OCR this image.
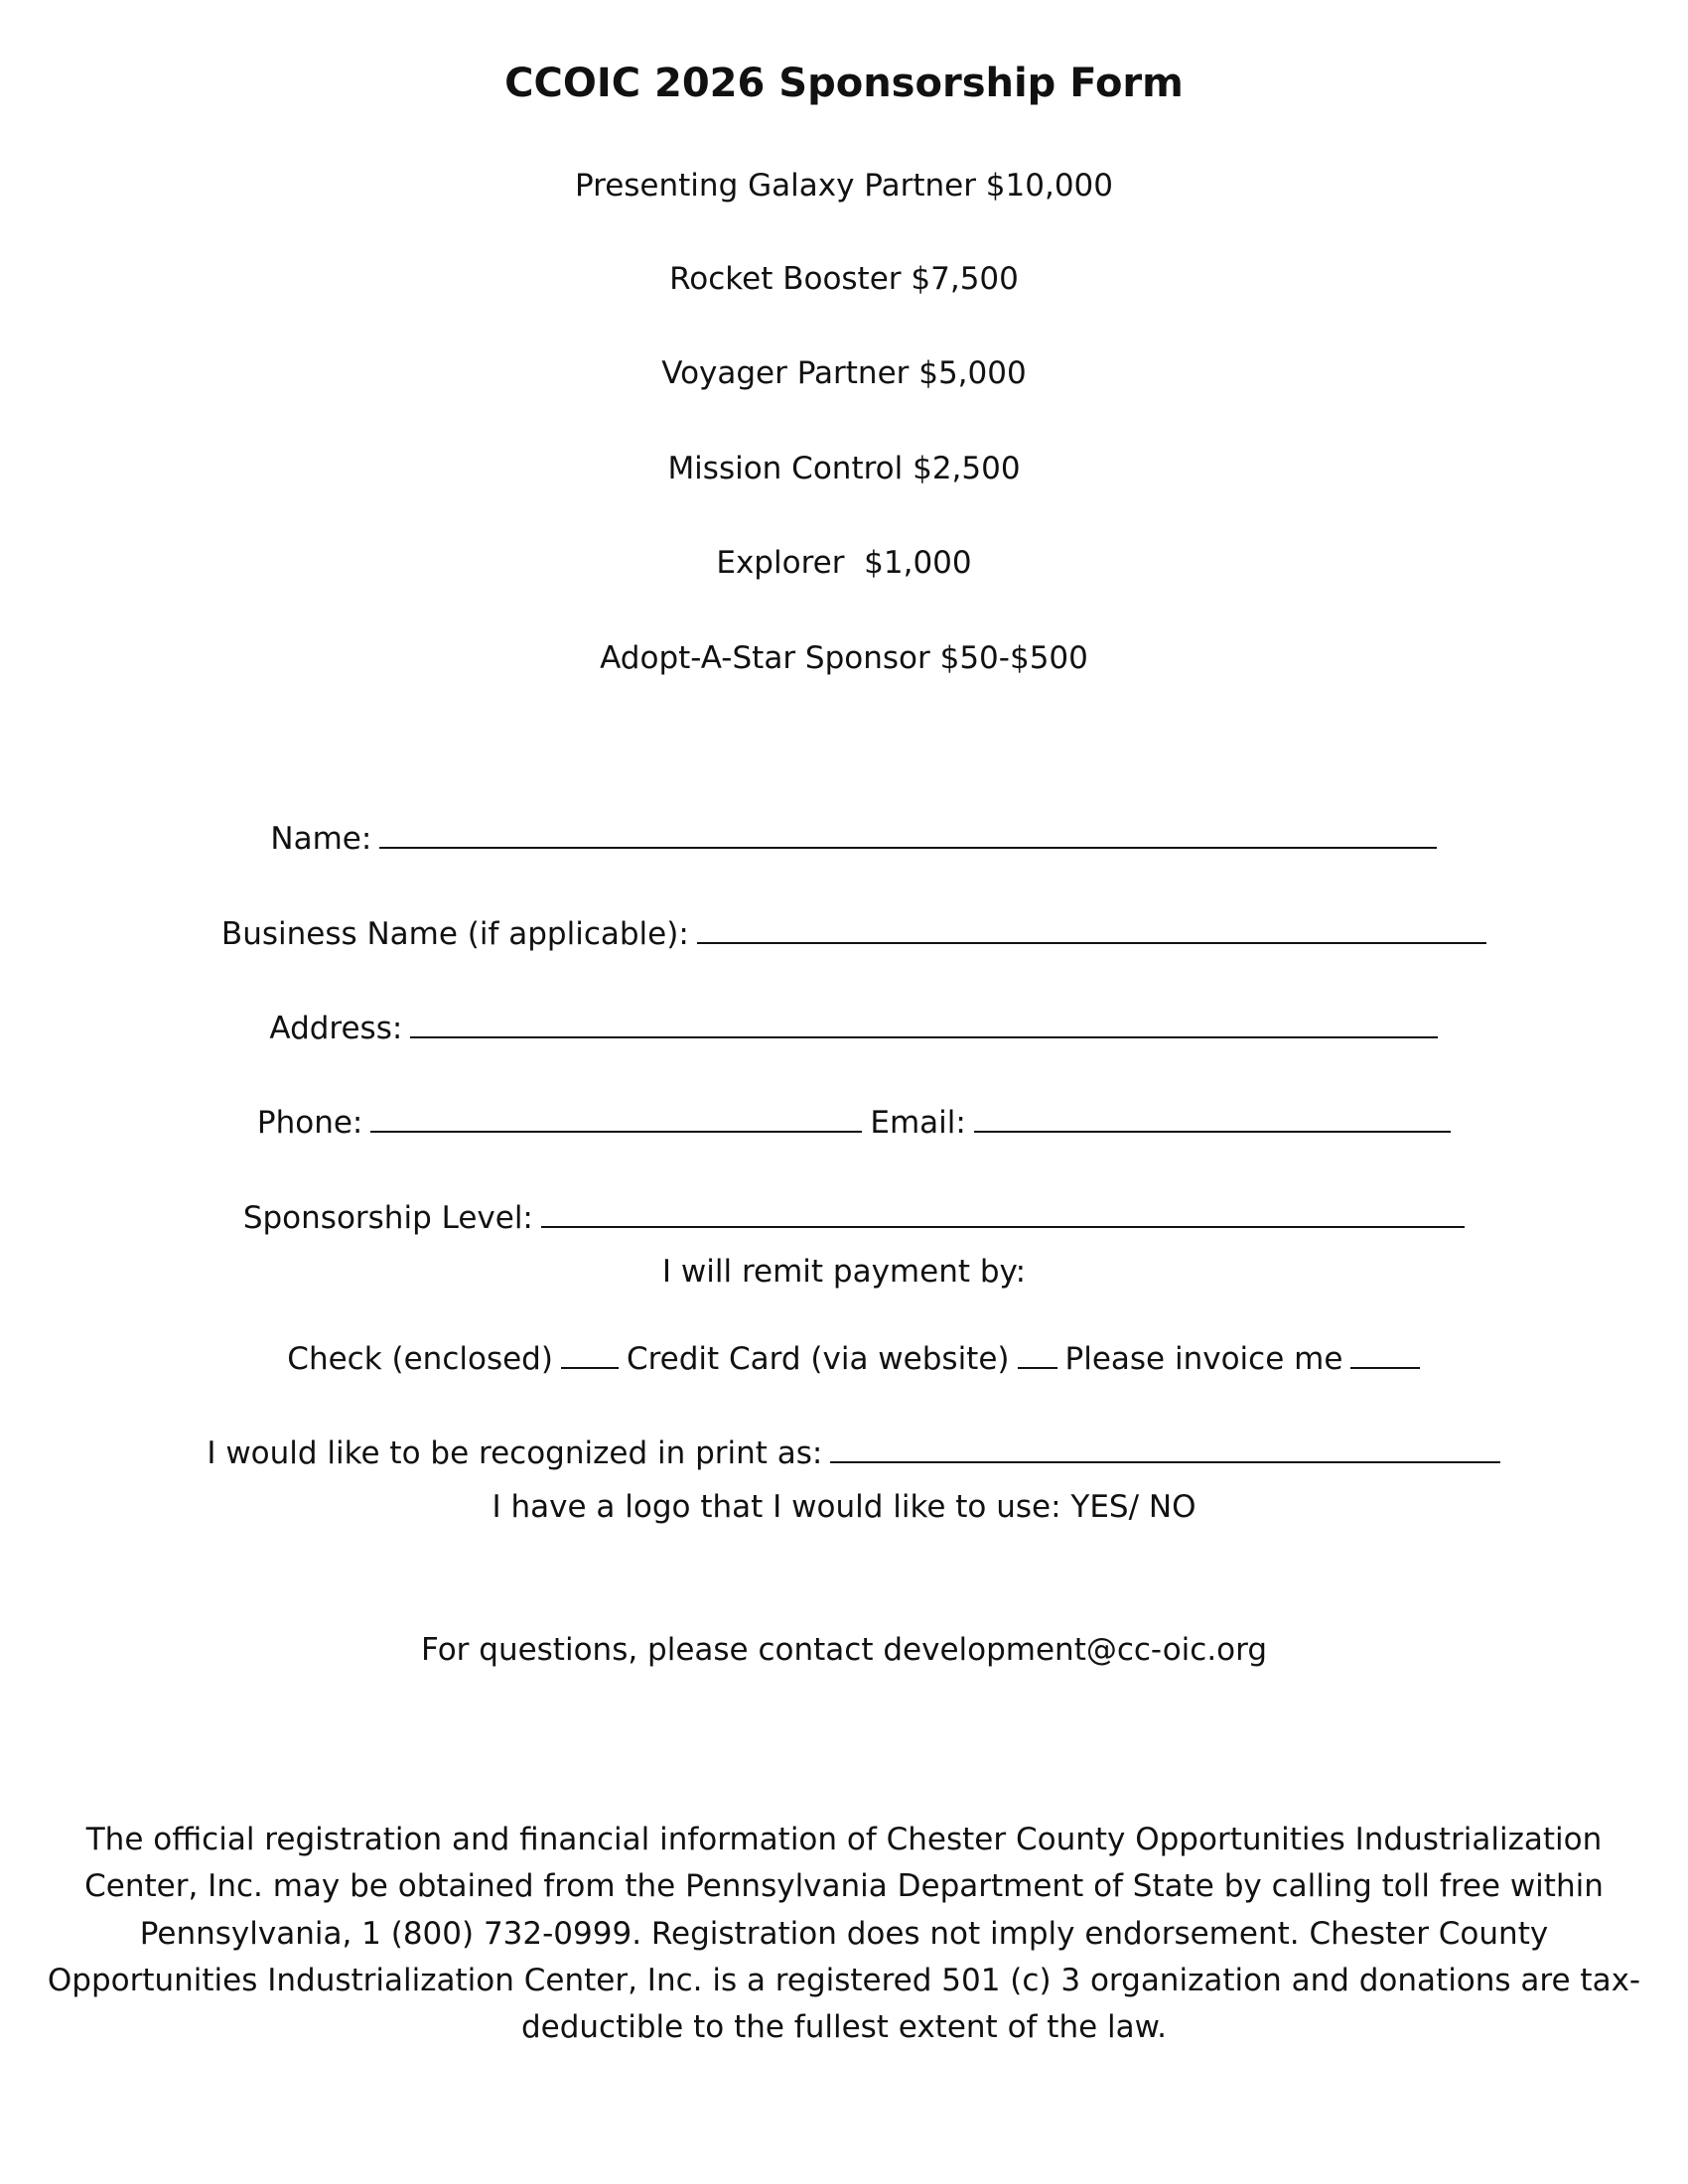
CCOIC 2026 Sponsorship Form
Presenting Galaxy Partner $10,000
Rocket Booster $7,500
Voyager Partner $5,000
Mission Control $2,500
Explorer  $1,000
Adopt-A-Star Sponsor $50-$500

Name:

Business Name (if applicable):

Address:

Phone:	Email:

Sponsorship Level:

I will remit payment by:

Check (enclosed) Credit Card (via website) Please invoice me

I would like to be recognized in print as:

I have a logo that I would like to use: YES/ NO
For questions, please contact development@cc-oic.org
The official registration and financial information of Chester County Opportunities Industrialization Center, Inc. may be obtained from the Pennsylvania Department of State by calling toll free within Pennsylvania, 1 (800) 732-0999. Registration does not imply endorsement. Chester County Opportunities Industrialization Center, Inc. is a registered 501 (c) 3 organization and donations are tax-deductible to the fullest extent of the law.
